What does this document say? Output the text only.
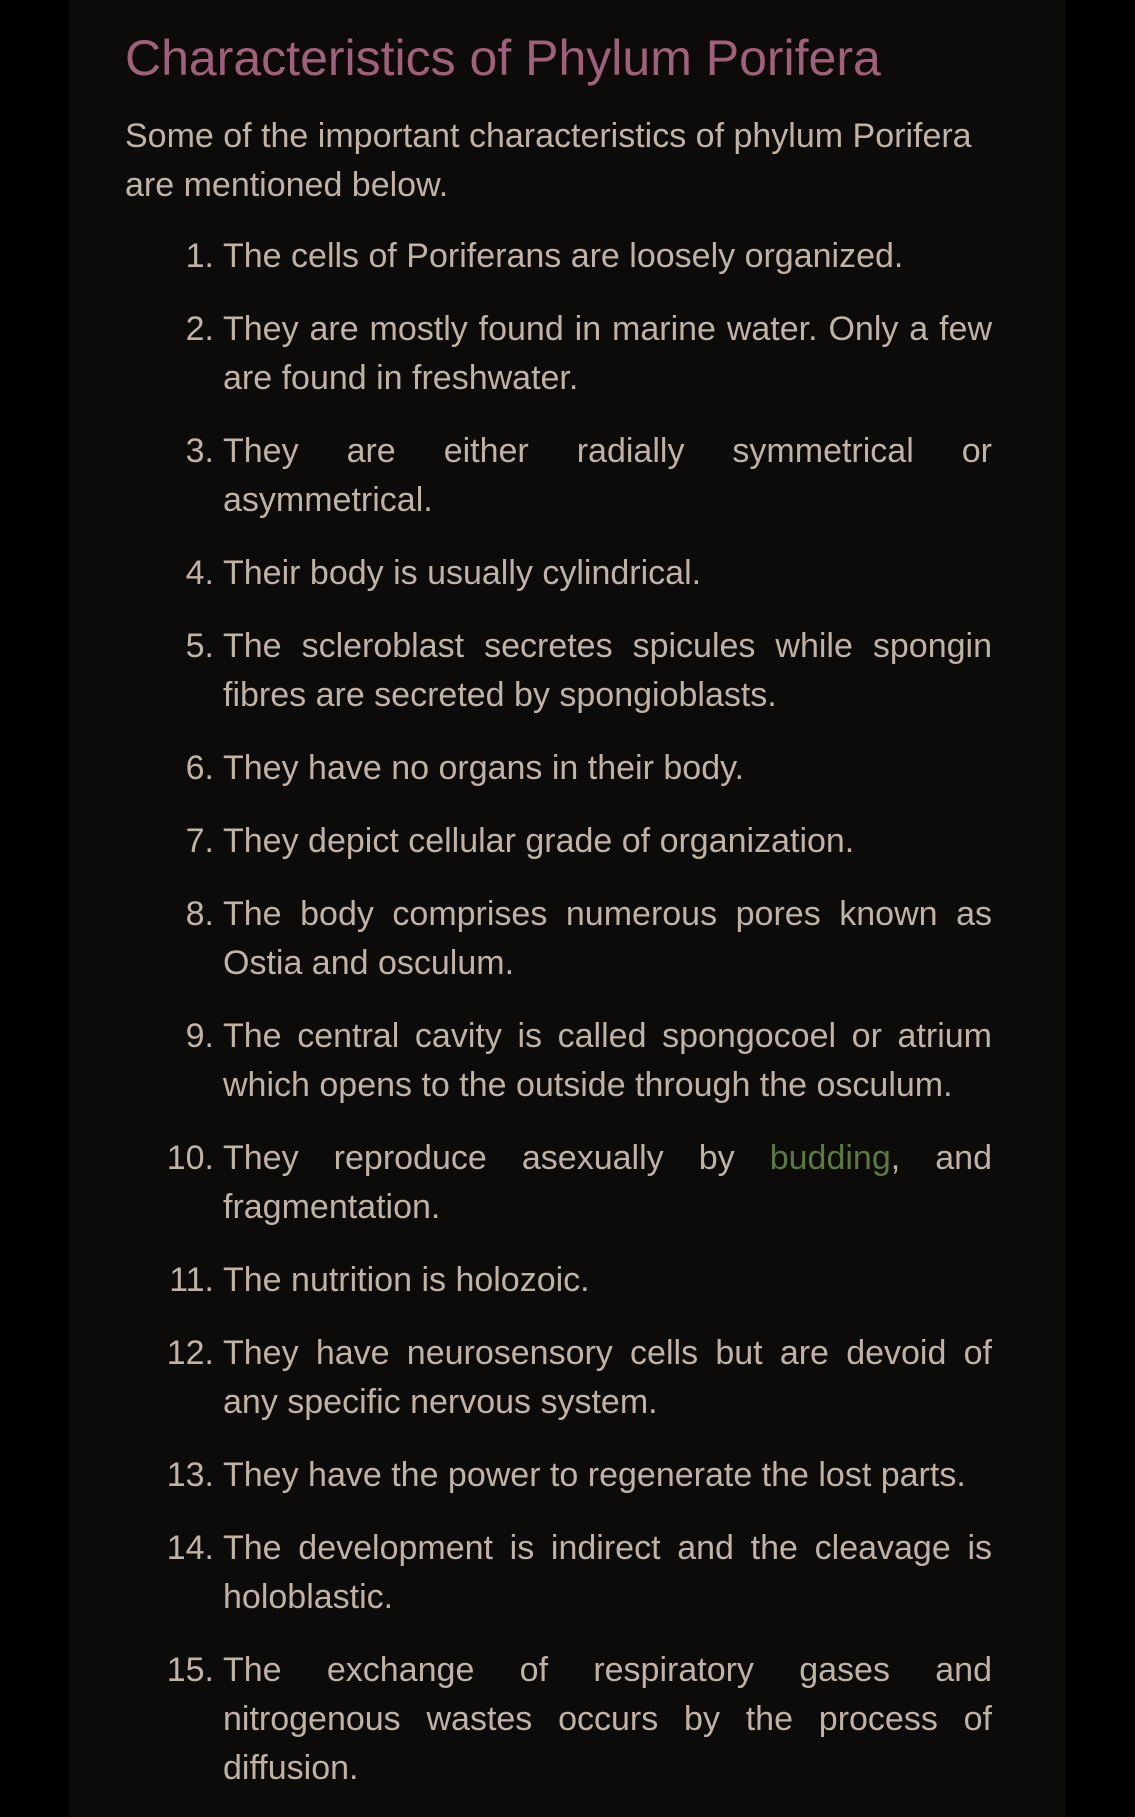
Characteristics of Phylum Porifera

Some of the important characteristics of phylum Porifera are mentioned below.

1. The cells of Poriferans are loosely organized.
2. They are mostly found in marine water. Only a few are found in freshwater.
3. They are either radially symmetrical or asymmetrical.
4. Their body is usually cylindrical.
5. The scleroblast secretes spicules while spongin fibres are secreted by spongioblasts.
6. They have no organs in their body.
7. They depict cellular grade of organization.
8. The body comprises numerous pores known as Ostia and osculum.
9. The central cavity is called spongocoel or atrium which opens to the outside through the osculum.
10. They reproduce asexually by budding, and fragmentation.
11. The nutrition is holozoic.
12. They have neurosensory cells but are devoid of any specific nervous system.
13. They have the power to regenerate the lost parts.
14. The development is indirect and the cleavage is holoblastic.
15. The exchange of respiratory gases and nitrogenous wastes occurs by the process of diffusion.
